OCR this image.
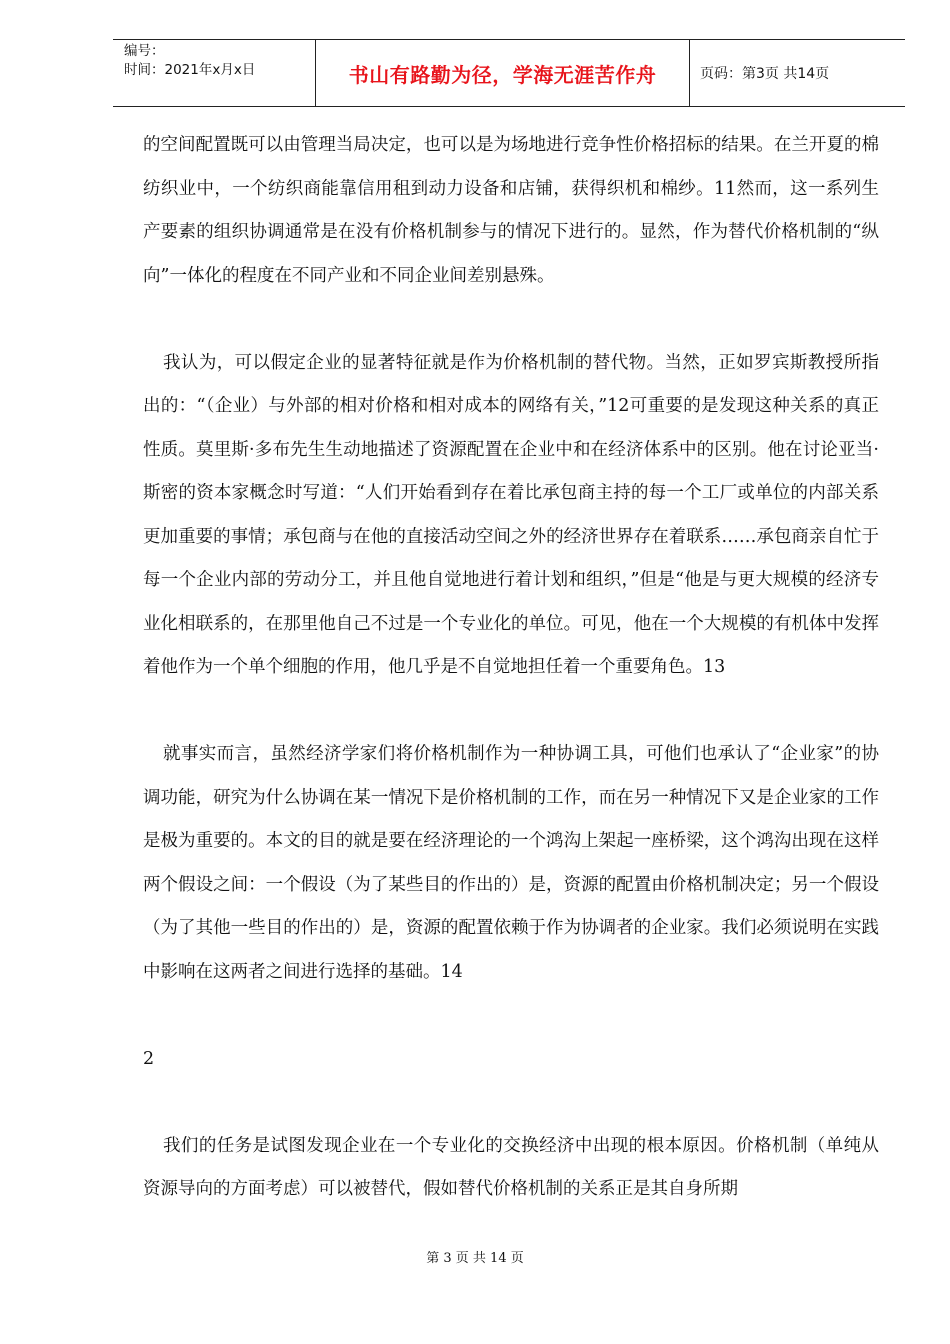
编号：
时间：2021年x月x日	书山有路勤为径，学海无涯苦作舟	页码：第3页 共14页

的空间配置既可以由管理当局决定，也可以是为场地进行竞争性价格招标的结果。在兰开夏的棉纺织业中，一个纺织商能靠信用租到动力设备和店铺，获得织机和棉纱。11然而，这一系列生产要素的组织协调通常是在没有价格机制参与的情况下进行的。显然，作为替代价格机制的“纵向”一体化的程度在不同产业和不同企业间差别悬殊。

我认为，可以假定企业的显著特征就是作为价格机制的替代物。当然，正如罗宾斯教授所指出的：“（企业）与外部的相对价格和相对成本的网络有关，”12可重要的是发现这种关系的真正性质。莫里斯·多布先生生动地描述了资源配置在企业中和在经济体系中的区别。他在讨论亚当·斯密的资本家概念时写道：“人们开始看到存在着比承包商主持的每一个工厂或单位的内部关系更加重要的事情；承包商与在他的直接活动空间之外的经济世界存在着联系……承包商亲自忙于每一个企业内部的劳动分工，并且他自觉地进行着计划和组织，”但是“他是与更大规模的经济专业化相联系的，在那里他自己不过是一个专业化的单位。可见，他在一个大规模的有机体中发挥着他作为一个单个细胞的作用，他几乎是不自觉地担任着一个重要角色。13

就事实而言，虽然经济学家们将价格机制作为一种协调工具，可他们也承认了“企业家”的协调功能，研究为什么协调在某一情况下是价格机制的工作，而在另一种情况下又是企业家的工作是极为重要的。本文的目的就是要在经济理论的一个鸿沟上架起一座桥梁，这个鸿沟出现在这样两个假设之间：一个假设（为了某些目的作出的）是，资源的配置由价格机制决定；另一个假设（为了其他一些目的作出的）是，资源的配置依赖于作为协调者的企业家。我们必须说明在实践中影响在这两者之间进行选择的基础。14

2

我们的任务是试图发现企业在一个专业化的交换经济中出现的根本原因。价格机制（单纯从资源导向的方面考虑）可以被替代，假如替代价格机制的关系正是其自身所期

第 3 页 共 14 页
